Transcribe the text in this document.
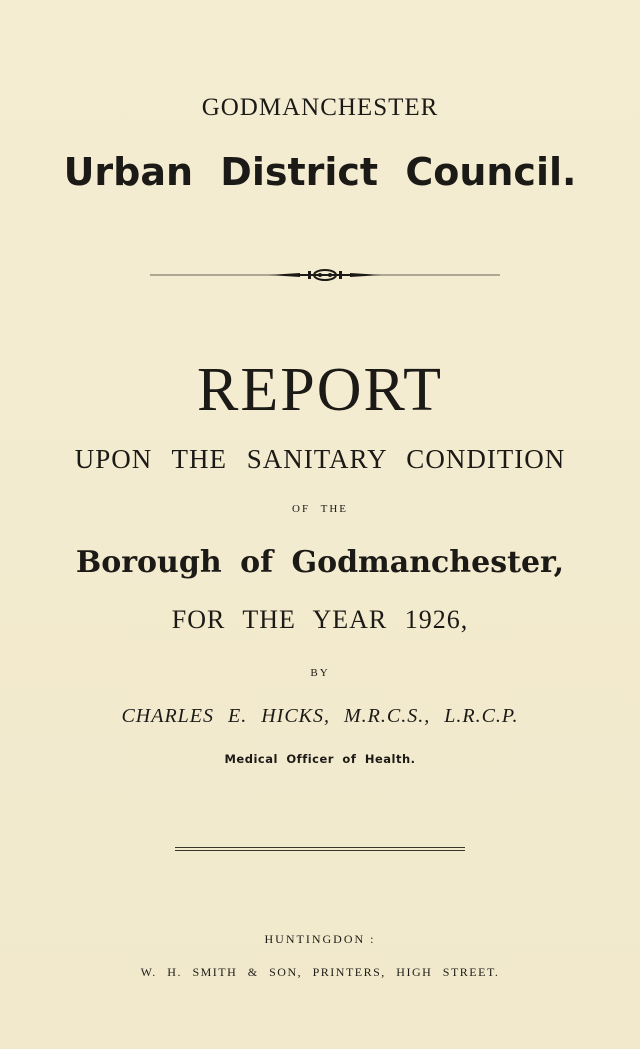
GODMANCHESTER
Urban District Council.
REPORT
UPON THE SANITARY CONDITION
OF THE
Borough of Godmanchester,
FOR THE YEAR 1926,
BY
CHARLES E. HICKS, M.R.C.S., L.R.C.P.
Medical Officer of Health.
HUNTINGDON :
W. H. SMITH & SON, PRINTERS, HIGH STREET.
